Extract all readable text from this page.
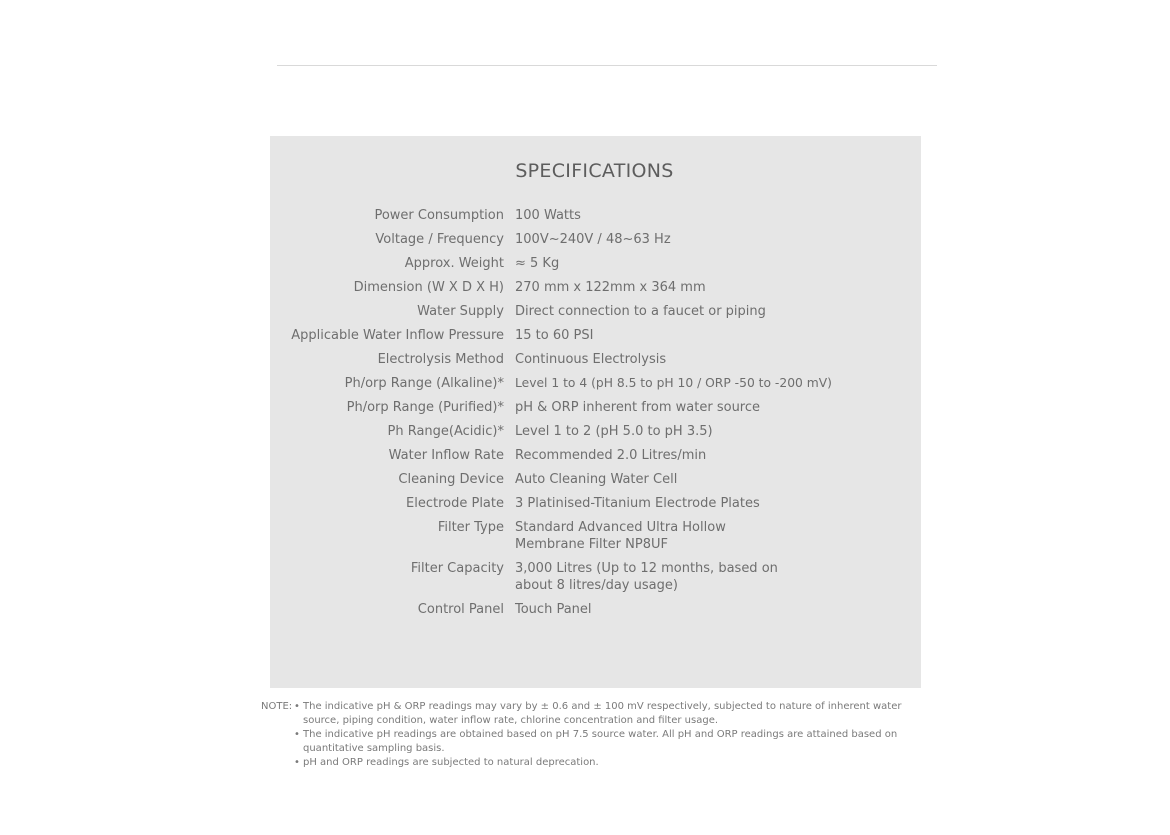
SPECIFICATIONS
Power Consumption 100 Watts
Voltage / Frequency 100V~240V / 48~63 Hz
Approx. Weight ≈ 5 Kg
Dimension (W X D X H) 270 mm x 122mm x 364 mm
Water Supply Direct connection to a faucet or piping
Applicable Water Inflow Pressure 15 to 60 PSI
Electrolysis Method Continuous Electrolysis
Ph/orp Range (Alkaline)* Level 1 to 4 (pH 8.5 to pH 10 / ORP -50 to -200 mV)
Ph/orp Range (Purified)* pH & ORP inherent from water source
Ph Range(Acidic)* Level 1 to 2 (pH 5.0 to pH 3.5)
Water Inflow Rate Recommended 2.0 Litres/min
Cleaning Device Auto Cleaning Water Cell
Electrode Plate 3 Platinised-Titanium Electrode Plates
Filter Type Standard Advanced Ultra Hollow Membrane Filter NP8UF
Filter Capacity 3,000 Litres (Up to 12 months, based on about 8 litres/day usage)
Control Panel Touch Panel
NOTE: • The indicative pH & ORP readings may vary by ± 0.6 and ± 100 mV respectively, subjected to nature of inherent water source, piping condition, water inflow rate, chlorine concentration and filter usage.
• The indicative pH readings are obtained based on pH 7.5 source water. All pH and ORP readings are attained based on quantitative sampling basis.
• pH and ORP readings are subjected to natural deprecation.
